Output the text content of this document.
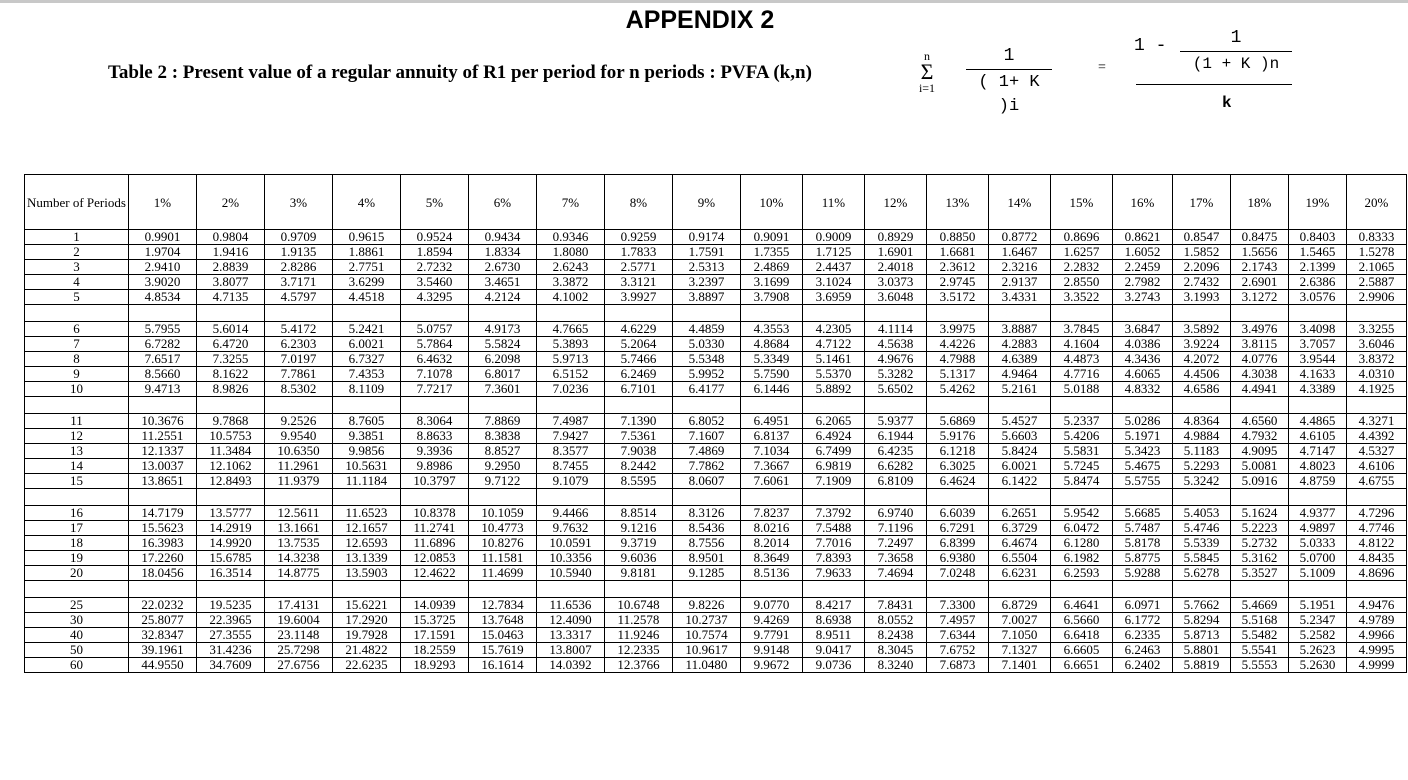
APPENDIX 2
Table 2 : Present value of a regular annuity of R1 per period for n periods : PVFA (k,n)
n
Σ
i=1
1
( 1+ K )i
=
1 -	1
(1 + K )n
k
Number of Periods	1%	2%	3%	4%	5%	6%	7%	8%	9%	10%	11%	12%	13%	14%	15%	16%	17%	18%	19%	20%
1	0.9901	0.9804	0.9709	0.9615	0.9524	0.9434	0.9346	0.9259	0.9174	0.9091	0.9009	0.8929	0.8850	0.8772	0.8696	0.8621	0.8547	0.8475	0.8403	0.8333
2	1.9704	1.9416	1.9135	1.8861	1.8594	1.8334	1.8080	1.7833	1.7591	1.7355	1.7125	1.6901	1.6681	1.6467	1.6257	1.6052	1.5852	1.5656	1.5465	1.5278
3	2.9410	2.8839	2.8286	2.7751	2.7232	2.6730	2.6243	2.5771	2.5313	2.4869	2.4437	2.4018	2.3612	2.3216	2.2832	2.2459	2.2096	2.1743	2.1399	2.1065
4	3.9020	3.8077	3.7171	3.6299	3.5460	3.4651	3.3872	3.3121	3.2397	3.1699	3.1024	3.0373	2.9745	2.9137	2.8550	2.7982	2.7432	2.6901	2.6386	2.5887
5	4.8534	4.7135	4.5797	4.4518	4.3295	4.2124	4.1002	3.9927	3.8897	3.7908	3.6959	3.6048	3.5172	3.4331	3.3522	3.2743	3.1993	3.1272	3.0576	2.9906

6	5.7955	5.6014	5.4172	5.2421	5.0757	4.9173	4.7665	4.6229	4.4859	4.3553	4.2305	4.1114	3.9975	3.8887	3.7845	3.6847	3.5892	3.4976	3.4098	3.3255
7	6.7282	6.4720	6.2303	6.0021	5.7864	5.5824	5.3893	5.2064	5.0330	4.8684	4.7122	4.5638	4.4226	4.2883	4.1604	4.0386	3.9224	3.8115	3.7057	3.6046
8	7.6517	7.3255	7.0197	6.7327	6.4632	6.2098	5.9713	5.7466	5.5348	5.3349	5.1461	4.9676	4.7988	4.6389	4.4873	4.3436	4.2072	4.0776	3.9544	3.8372
9	8.5660	8.1622	7.7861	7.4353	7.1078	6.8017	6.5152	6.2469	5.9952	5.7590	5.5370	5.3282	5.1317	4.9464	4.7716	4.6065	4.4506	4.3038	4.1633	4.0310
10	9.4713	8.9826	8.5302	8.1109	7.7217	7.3601	7.0236	6.7101	6.4177	6.1446	5.8892	5.6502	5.4262	5.2161	5.0188	4.8332	4.6586	4.4941	4.3389	4.1925

11	10.3676	9.7868	9.2526	8.7605	8.3064	7.8869	7.4987	7.1390	6.8052	6.4951	6.2065	5.9377	5.6869	5.4527	5.2337	5.0286	4.8364	4.6560	4.4865	4.3271
12	11.2551	10.5753	9.9540	9.3851	8.8633	8.3838	7.9427	7.5361	7.1607	6.8137	6.4924	6.1944	5.9176	5.6603	5.4206	5.1971	4.9884	4.7932	4.6105	4.4392
13	12.1337	11.3484	10.6350	9.9856	9.3936	8.8527	8.3577	7.9038	7.4869	7.1034	6.7499	6.4235	6.1218	5.8424	5.5831	5.3423	5.1183	4.9095	4.7147	4.5327
14	13.0037	12.1062	11.2961	10.5631	9.8986	9.2950	8.7455	8.2442	7.7862	7.3667	6.9819	6.6282	6.3025	6.0021	5.7245	5.4675	5.2293	5.0081	4.8023	4.6106
15	13.8651	12.8493	11.9379	11.1184	10.3797	9.7122	9.1079	8.5595	8.0607	7.6061	7.1909	6.8109	6.4624	6.1422	5.8474	5.5755	5.3242	5.0916	4.8759	4.6755

16	14.7179	13.5777	12.5611	11.6523	10.8378	10.1059	9.4466	8.8514	8.3126	7.8237	7.3792	6.9740	6.6039	6.2651	5.9542	5.6685	5.4053	5.1624	4.9377	4.7296
17	15.5623	14.2919	13.1661	12.1657	11.2741	10.4773	9.7632	9.1216	8.5436	8.0216	7.5488	7.1196	6.7291	6.3729	6.0472	5.7487	5.4746	5.2223	4.9897	4.7746
18	16.3983	14.9920	13.7535	12.6593	11.6896	10.8276	10.0591	9.3719	8.7556	8.2014	7.7016	7.2497	6.8399	6.4674	6.1280	5.8178	5.5339	5.2732	5.0333	4.8122
19	17.2260	15.6785	14.3238	13.1339	12.0853	11.1581	10.3356	9.6036	8.9501	8.3649	7.8393	7.3658	6.9380	6.5504	6.1982	5.8775	5.5845	5.3162	5.0700	4.8435
20	18.0456	16.3514	14.8775	13.5903	12.4622	11.4699	10.5940	9.8181	9.1285	8.5136	7.9633	7.4694	7.0248	6.6231	6.2593	5.9288	5.6278	5.3527	5.1009	4.8696

25	22.0232	19.5235	17.4131	15.6221	14.0939	12.7834	11.6536	10.6748	9.8226	9.0770	8.4217	7.8431	7.3300	6.8729	6.4641	6.0971	5.7662	5.4669	5.1951	4.9476
30	25.8077	22.3965	19.6004	17.2920	15.3725	13.7648	12.4090	11.2578	10.2737	9.4269	8.6938	8.0552	7.4957	7.0027	6.5660	6.1772	5.8294	5.5168	5.2347	4.9789
40	32.8347	27.3555	23.1148	19.7928	17.1591	15.0463	13.3317	11.9246	10.7574	9.7791	8.9511	8.2438	7.6344	7.1050	6.6418	6.2335	5.8713	5.5482	5.2582	4.9966
50	39.1961	31.4236	25.7298	21.4822	18.2559	15.7619	13.8007	12.2335	10.9617	9.9148	9.0417	8.3045	7.6752	7.1327	6.6605	6.2463	5.8801	5.5541	5.2623	4.9995
60	44.9550	34.7609	27.6756	22.6235	18.9293	16.1614	14.0392	12.3766	11.0480	9.9672	9.0736	8.3240	7.6873	7.1401	6.6651	6.2402	5.8819	5.5553	5.2630	4.9999
